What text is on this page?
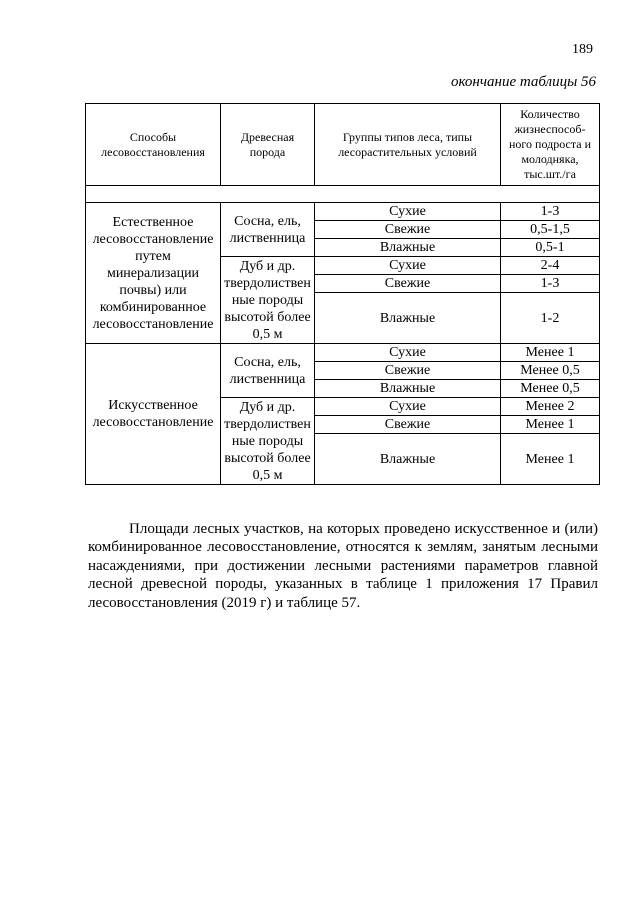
189
окончание таблицы 56
Способы лесовосстановления	Древесная порода	Группы типов леса, типы лесорастительных условий	Количество жизнеспособ-ного подроста и молодняка, тыс.шт./га

Естественное лесовосстановление путем минерализации почвы) или комбинированное лесовосстановление	Сосна, ель, лиственница	Сухие	1-3
		Свежие	0,5-1,5
		Влажные	0,5-1
	Дуб и др. твердолиствен ные породы высотой более 0,5 м	Сухие	2-4
		Свежие	1-3
		Влажные	1-2
Искусственное лесовосстановление	Сосна, ель, лиственница	Сухие	Менее 1
		Свежие	Менее 0,5
		Влажные	Менее 0,5
	Дуб и др. твердолиствен ные породы высотой более 0,5 м	Сухие	Менее 2
		Свежие	Менее 1
		Влажные	Менее 1

Площади лесных участков, на которых проведено искусственное и (или) комбинированное лесовосстановление, относятся к землям, занятым лесными насаждениями, при достижении лесными растениями параметров главной лесной древесной породы, указанных в таблице 1 приложения 17 Правил лесовосстановления (2019 г) и таблице 57.
